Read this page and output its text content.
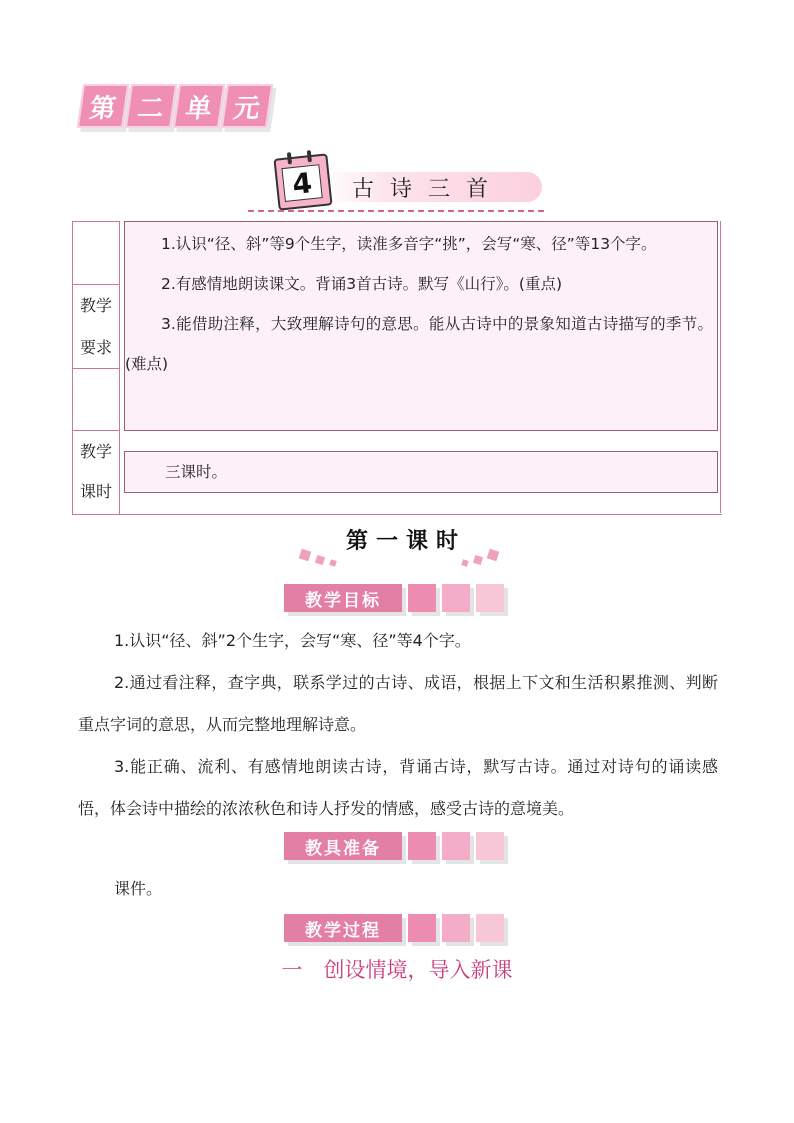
第 二 单 元
4	古诗三首
教学
要求
教学
课时

1.认识“径、斜”等9个生字，读准多音字“挑”，会写“寒、径”等13个字。

2.有感情地朗读课文。背诵3首古诗。默写《山行》。(重点)

3.能借助注释，大致理解诗句的意思。能从古诗中的景象知道古诗描写的季节。(难点)

三课时。
第一课时
教学目标

1.认识“径、斜”2个生字，会写“寒、径”等4个字。

2.通过看注释，查字典，联系学过的古诗、成语，根据上下文和生活积累推测、判断重点字词的意思，从而完整地理解诗意。

3.能正确、流利、有感情地朗读古诗，背诵古诗，默写古诗。通过对诗句的诵读感悟，体会诗中描绘的浓浓秋色和诗人抒发的情感，感受古诗的意境美。

教具准备

课件。

教学过程
一　创设情境，导入新课
